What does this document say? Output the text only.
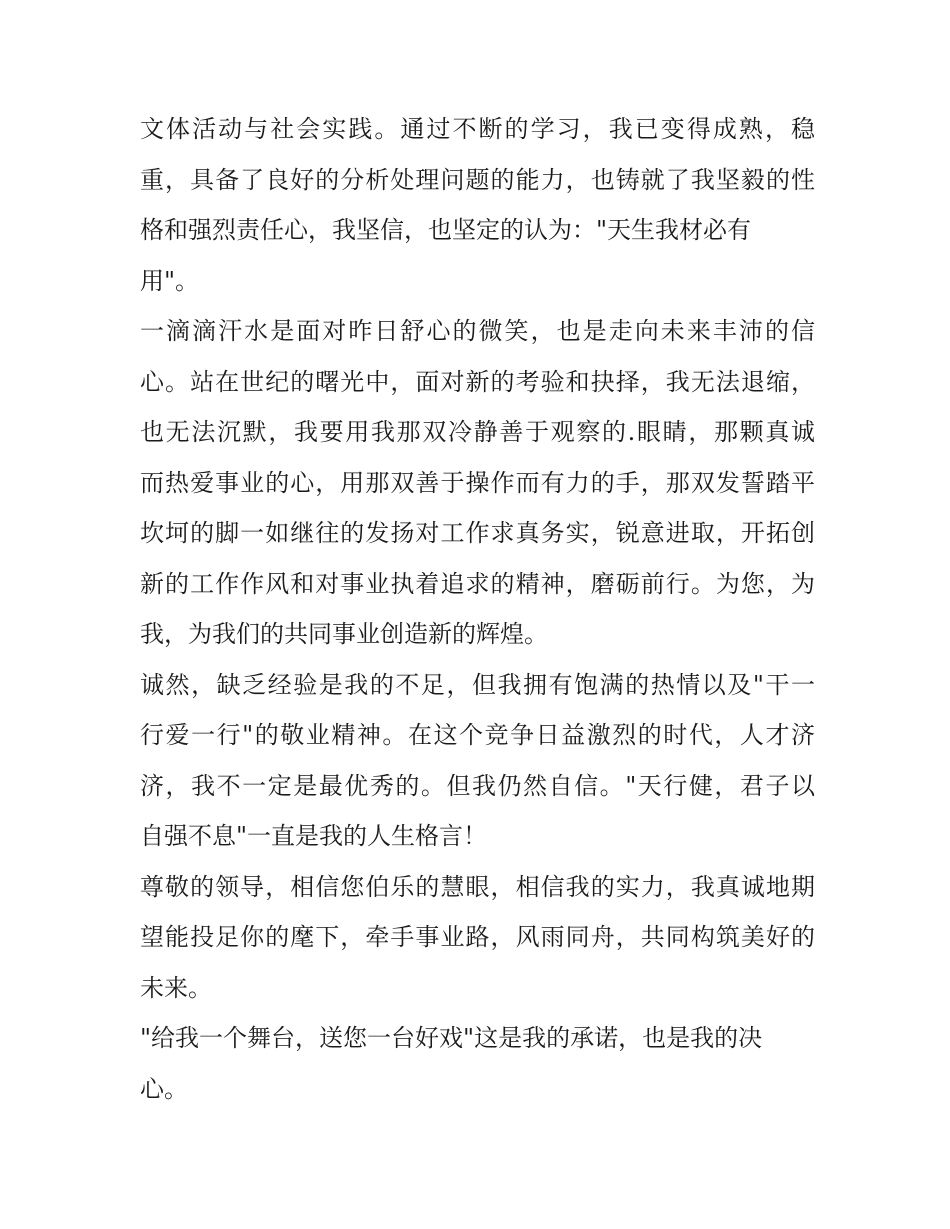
文体活动与社会实践。通过不断的学习，我已变得成熟，稳
重，具备了良好的分析处理问题的能力，也铸就了我坚毅的性
格和强烈责任心，我坚信，也坚定的认为："天生我材必有
用"。
一滴滴汗水是面对昨日舒心的微笑，也是走向未来丰沛的信
心。站在世纪的曙光中，面对新的考验和抉择，我无法退缩，
也无法沉默，我要用我那双冷静善于观察的.眼睛，那颗真诚
而热爱事业的心，用那双善于操作而有力的手，那双发誓踏平
坎坷的脚一如继往的发扬对工作求真务实，锐意进取，开拓创
新的工作作风和对事业执着追求的精神，磨砺前行。为您，为
我，为我们的共同事业创造新的辉煌。
诚然，缺乏经验是我的不足，但我拥有饱满的热情以及"干一
行爱一行"的敬业精神。在这个竞争日益激烈的时代，人才济
济，我不一定是最优秀的。但我仍然自信。"天行健，君子以
自强不息"一直是我的人生格言！
尊敬的领导，相信您伯乐的慧眼，相信我的实力，我真诚地期
望能投足你的麾下，牵手事业路，风雨同舟，共同构筑美好的
未来。
"给我一个舞台，送您一台好戏"这是我的承诺，也是我的决
心。
